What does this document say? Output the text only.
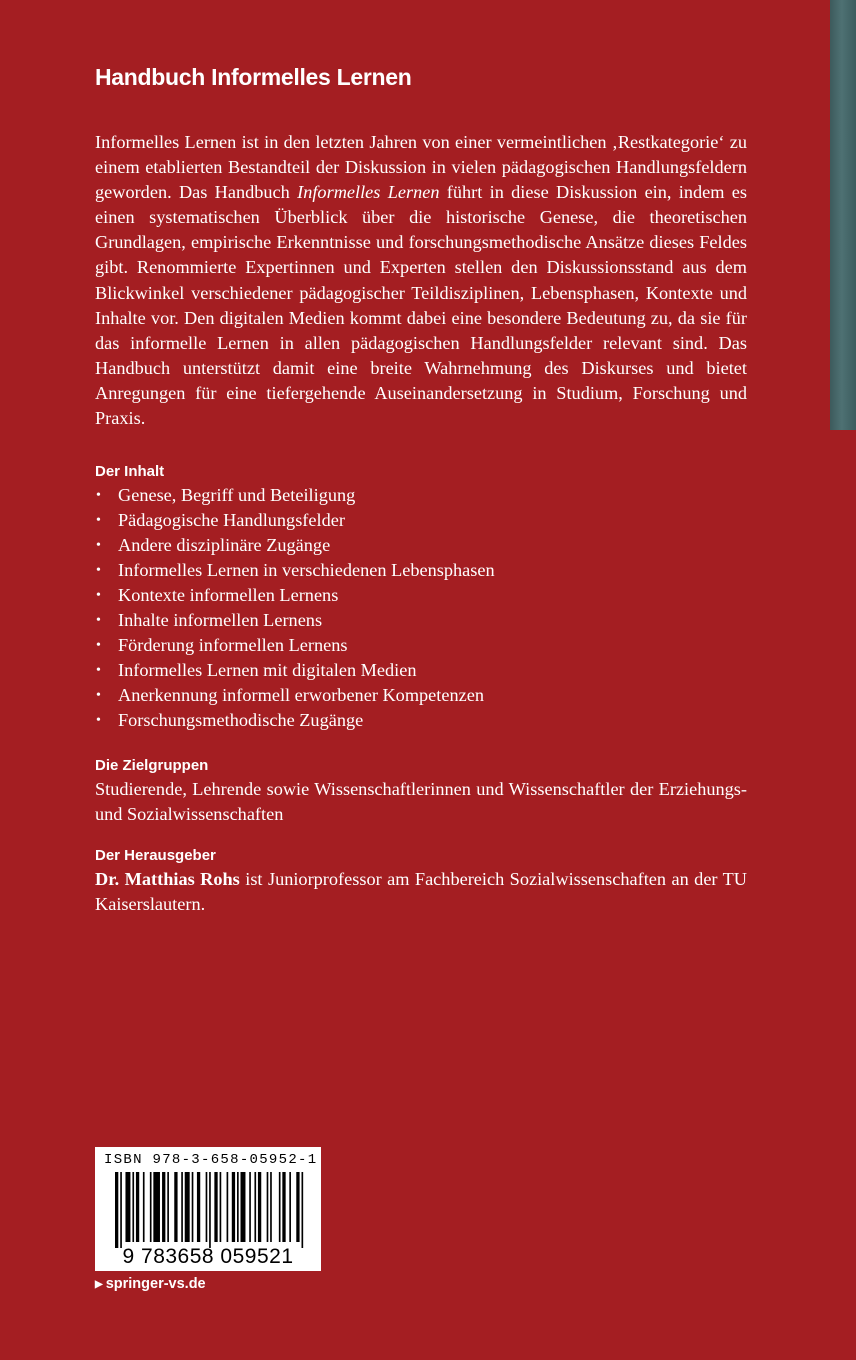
Handbuch Informelles Lernen

Informelles Lernen ist in den letzten Jahren von einer vermeintlichen ‚Restkategorie‘ zu einem etablierten Bestandteil der Diskussion in vielen pädagogischen Handlungsfeldern geworden. Das Handbuch Informelles Lernen führt in diese Diskussion ein, indem es einen systematischen Überblick über die historische Genese, die theoretischen Grundlagen, empirische Erkenntnisse und forschungsmethodische Ansätze dieses Feldes gibt. Renommierte Expertinnen und Experten stellen den Diskussionsstand aus dem Blickwinkel verschiedener pädagogischer Teildisziplinen, Lebensphasen, Kontexte und Inhalte vor. Den digitalen Medien kommt dabei eine besondere Bedeutung zu, da sie für das informelle Lernen in allen pädagogischen Handlungsfelder relevant sind. Das Handbuch unterstützt damit eine breite Wahrnehmung des Diskurses und bietet Anregungen für eine tiefergehende Auseinandersetzung in Studium, Forschung und Praxis.

Der Inhalt
• Genese, Begriff und Beteiligung
• Pädagogische Handlungsfelder
• Andere disziplinäre Zugänge
• Informelles Lernen in verschiedenen Lebensphasen
• Kontexte informellen Lernens
• Inhalte informellen Lernens
• Förderung informellen Lernens
• Informelles Lernen mit digitalen Medien
• Anerkennung informell erworbener Kompetenzen
• Forschungsmethodische Zugänge
Die Zielgruppen

Studierende, Lehrende sowie Wissenschaftlerinnen und Wissenschaftler der Erziehungs- und Sozialwissenschaften

Der Herausgeber

Dr. Matthias Rohs ist Juniorprofessor am Fachbereich Sozialwissenschaften an der TU Kaiserslautern.

ISBN 978-3-658-05952-1
9 783658 059521
▶ springer-vs.de
